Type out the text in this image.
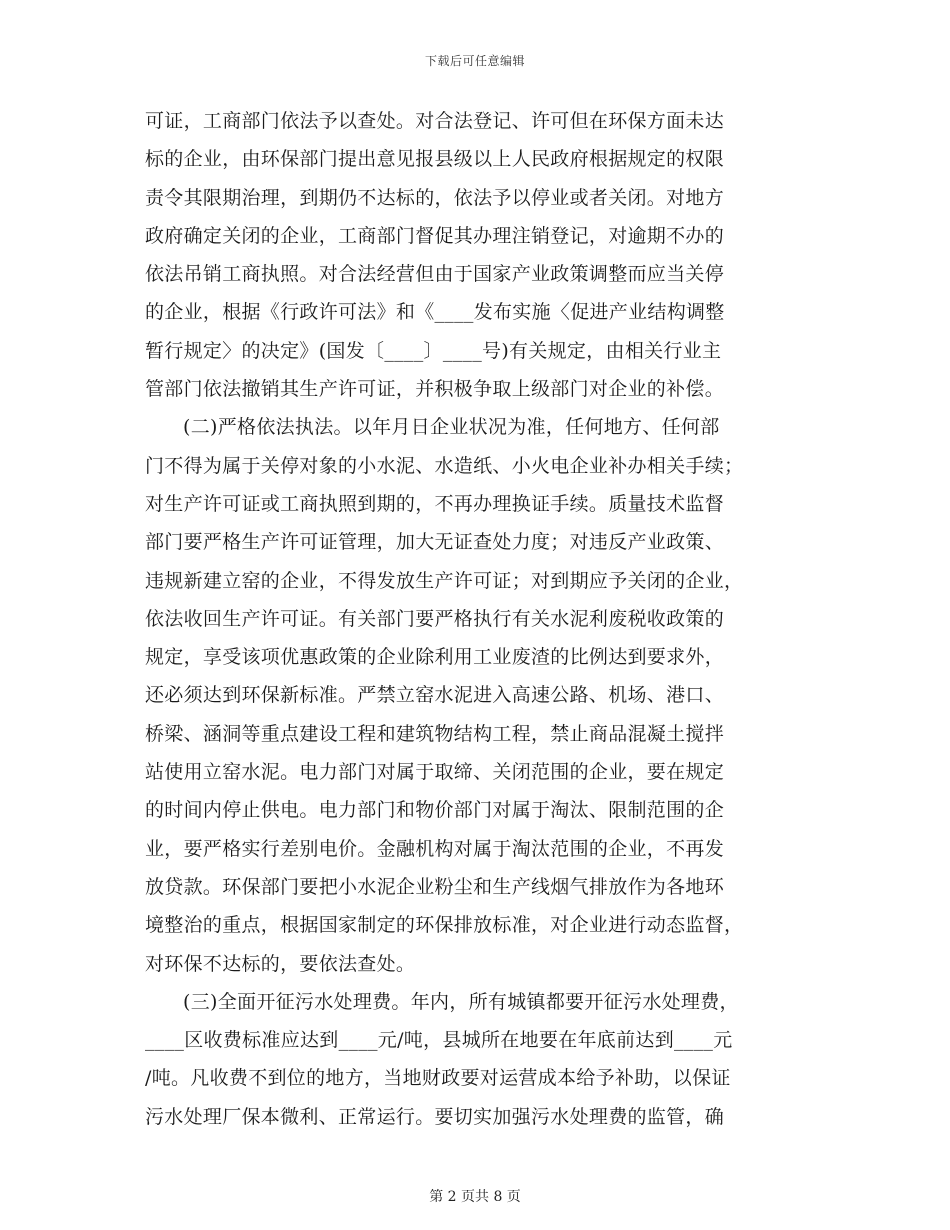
下载后可任意编辑
可证，工商部门依法予以查处。对合法登记、许可但在环保方面未达
标的企业，由环保部门提出意见报县级以上人民政府根据规定的权限
责令其限期治理，到期仍不达标的，依法予以停业或者关闭。对地方
政府确定关闭的企业，工商部门督促其办理注销登记，对逾期不办的
依法吊销工商执照。对合法经营但由于国家产业政策调整而应当关停
的企业，根据《行政许可法》和《____发布实施〈促进产业结构调整
暂行规定〉的决定》(国发〔____〕____号)有关规定，由相关行业主
管部门依法撤销其生产许可证，并积极争取上级部门对企业的补偿。
(二)严格依法执法。以年月日企业状况为准，任何地方、任何部
门不得为属于关停对象的小水泥、水造纸、小火电企业补办相关手续；
对生产许可证或工商执照到期的，不再办理换证手续。质量技术监督
部门要严格生产许可证管理，加大无证查处力度；对违反产业政策、
违规新建立窑的企业，不得发放生产许可证；对到期应予关闭的企业，
依法收回生产许可证。有关部门要严格执行有关水泥利废税收政策的
规定，享受该项优惠政策的企业除利用工业废渣的比例达到要求外，
还必须达到环保新标准。严禁立窑水泥进入高速公路、机场、港口、
桥梁、涵洞等重点建设工程和建筑物结构工程，禁止商品混凝土搅拌
站使用立窑水泥。电力部门对属于取缔、关闭范围的企业，要在规定
的时间内停止供电。电力部门和物价部门对属于淘汰、限制范围的企
业，要严格实行差别电价。金融机构对属于淘汰范围的企业，不再发
放贷款。环保部门要把小水泥企业粉尘和生产线烟气排放作为各地环
境整治的重点，根据国家制定的环保排放标准，对企业进行动态监督，
对环保不达标的，要依法查处。
(三)全面开征污水处理费。年内，所有城镇都要开征污水处理费，
____区收费标准应达到____元/吨，县城所在地要在年底前达到____元
/吨。凡收费不到位的地方，当地财政要对运营成本给予补助，以保证
污水处理厂保本微利、正常运行。要切实加强污水处理费的监管，确
第 2 页共 8 页
